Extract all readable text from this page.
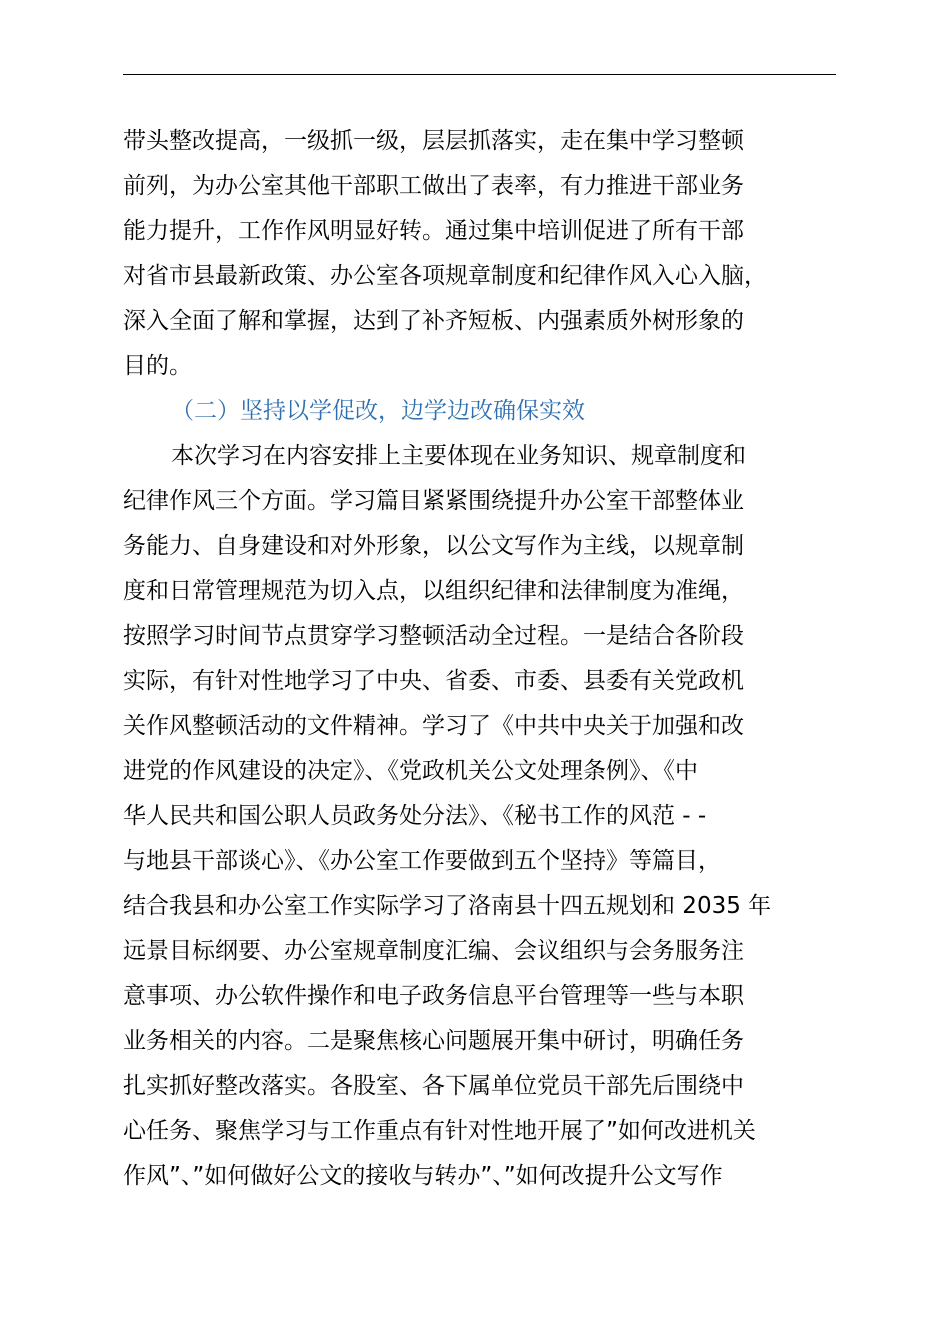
带头整改提高，一级抓一级，层层抓落实，走在集中学习整顿
前列，为办公室其他干部职工做出了表率，有力推进干部业务
能力提升，工作作风明显好转。通过集中培训促进了所有干部
对省市县最新政策、办公室各项规章制度和纪律作风入心入脑，
深入全面了解和掌握，达到了补齐短板、内强素质外树形象的
目的。
（二）坚持以学促改，边学边改确保实效
本次学习在内容安排上主要体现在业务知识、规章制度和
纪律作风三个方面。学习篇目紧紧围绕提升办公室干部整体业
务能力、自身建设和对外形象，以公文写作为主线，以规章制
度和日常管理规范为切入点，以组织纪律和法律制度为准绳，
按照学习时间节点贯穿学习整顿活动全过程。一是结合各阶段
实际，有针对性地学习了中央、省委、市委、县委有关党政机
关作风整顿活动的文件精神。学习了《中共中央关于加强和改
进党的作风建设的决定》、《党政机关公文处理条例》、《中
华人民共和国公职人员政务处分法》、《秘书工作的风范 - -
与地县干部谈心》、《办公室工作要做到五个坚持》等篇目，
结合我县和办公室工作实际学习了洛南县十四五规划和 2035 年
远景目标纲要、办公室规章制度汇编、会议组织与会务服务注
意事项、办公软件操作和电子政务信息平台管理等一些与本职
业务相关的内容。二是聚焦核心问题展开集中研讨，明确任务
扎实抓好整改落实。各股室、各下属单位党员干部先后围绕中
心任务、聚焦学习与工作重点有针对性地开展了”如何改进机关
作风”、”如何做好公文的接收与转办”、”如何改提升公文写作
